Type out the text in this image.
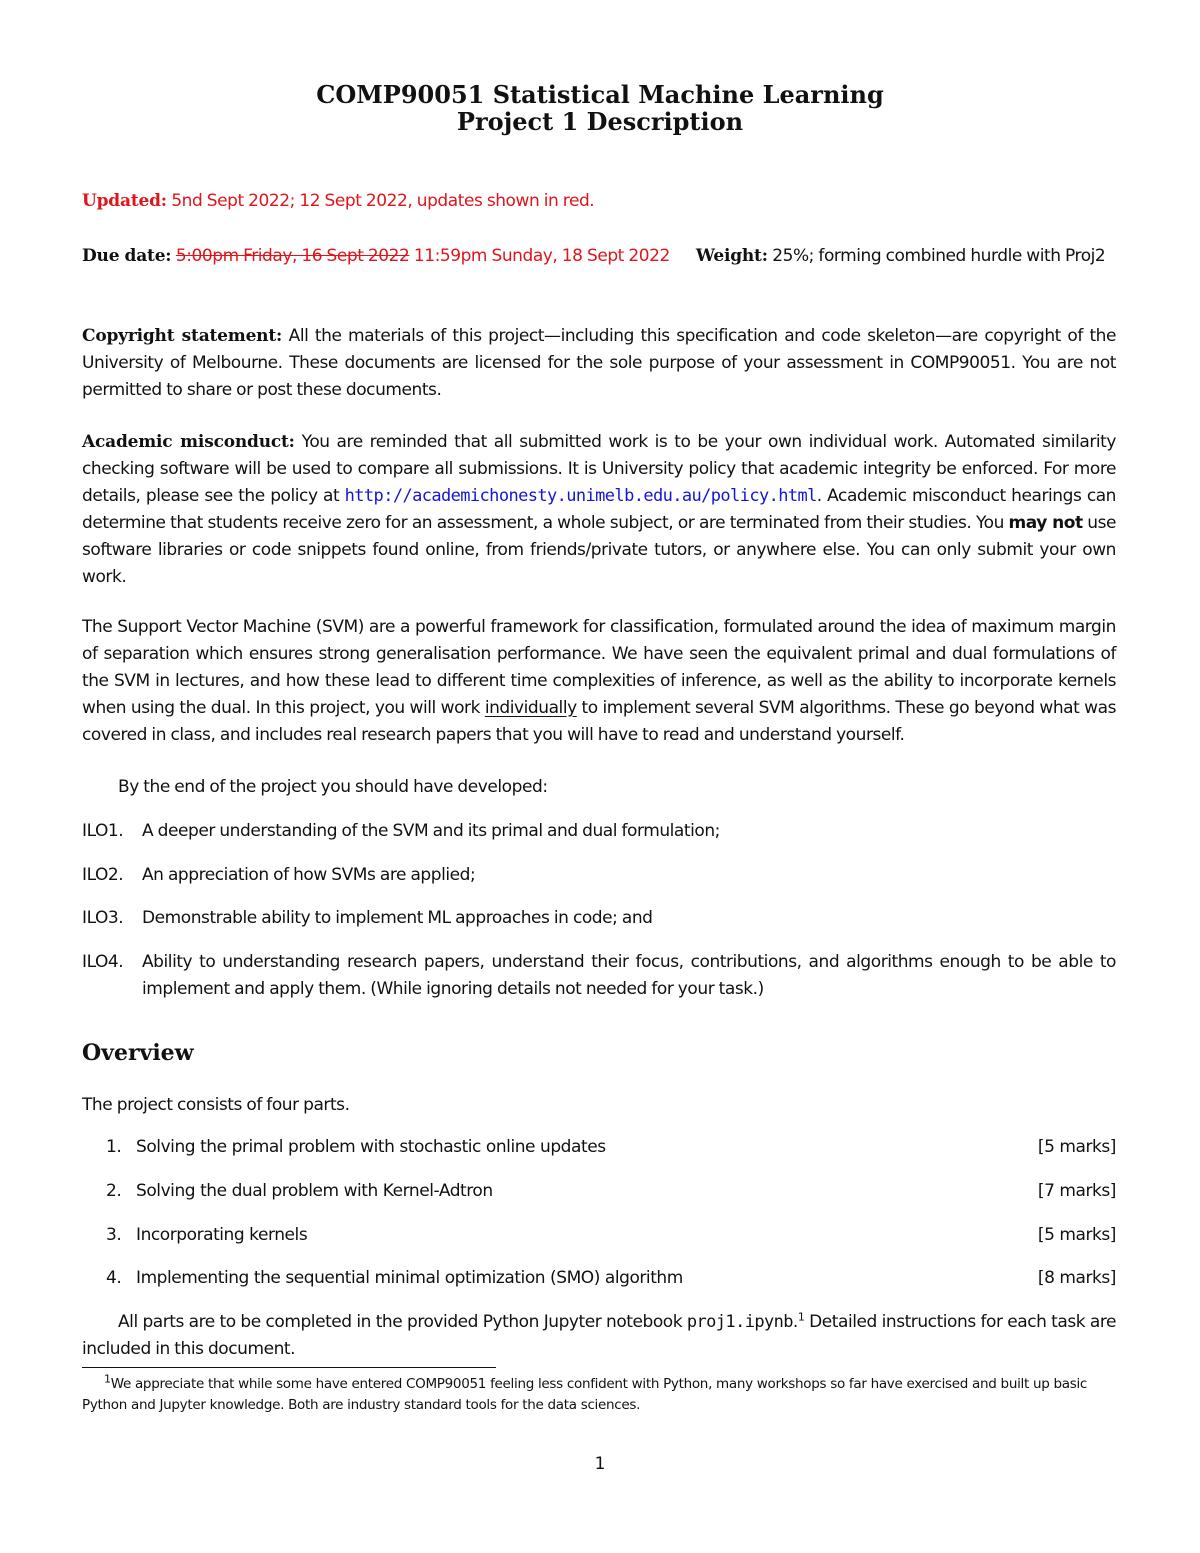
COMP90051 Statistical Machine Learning
Project 1 Description

Updated: 5nd Sept 2022; 12 Sept 2022, updates shown in red.

Due date: 5:00pm Friday, 16 Sept 2022 11:59pm Sunday, 18 Sept 2022 Weight: 25%; forming combined hurdle with Proj2

Copyright statement: All the materials of this project—including this specification and code skeleton—are copyright of the University of Melbourne. These documents are licensed for the sole purpose of your assessment in COMP90051. You are not permitted to share or post these documents.

Academic misconduct: You are reminded that all submitted work is to be your own individual work. Automated similarity checking software will be used to compare all submissions. It is University policy that academic integrity be enforced. For more details, please see the policy at http://academichonesty.unimelb.edu.au/policy.html. Academic misconduct hearings can determine that students receive zero for an assessment, a whole subject, or are terminated from their studies. You may not use software libraries or code snippets found online, from friends/private tutors, or anywhere else. You can only submit your own work.

The Support Vector Machine (SVM) are a powerful framework for classification, formulated around the idea of maximum margin of separation which ensures strong generalisation performance. We have seen the equivalent primal and dual formulations of the SVM in lectures, and how these lead to different time complexities of inference, as well as the ability to incorporate kernels when using the dual. In this project, you will work individually to implement several SVM algorithms. These go beyond what was covered in class, and includes real research papers that you will have to read and understand yourself.

By the end of the project you should have developed:

ILO1.	A deeper understanding of the SVM and its primal and dual formulation;
ILO2.	An appreciation of how SVMs are applied;
ILO3.	Demonstrable ability to implement ML approaches in code; and
ILO4.	Ability to understanding research papers, understand their focus, contributions, and algorithms enough to be able to implement and apply them. (While ignoring details not needed for your task.)
Overview

The project consists of four parts.

1. Solving the primal problem with stochastic online updates	[5 marks]
2. Solving the dual problem with Kernel-Adtron	[7 marks]
3. Incorporating kernels	[5 marks]
4. Implementing the sequential minimal optimization (SMO) algorithm	[8 marks]

All parts are to be completed in the provided Python Jupyter notebook proj1.ipynb.$^1$ Detailed instructions for each task are included in this document.

$^1$We appreciate that while some have entered COMP90051 feeling less confident with Python, many workshops so far have exercised and built up basic Python and Jupyter knowledge. Both are industry standard tools for the data sciences.

1
